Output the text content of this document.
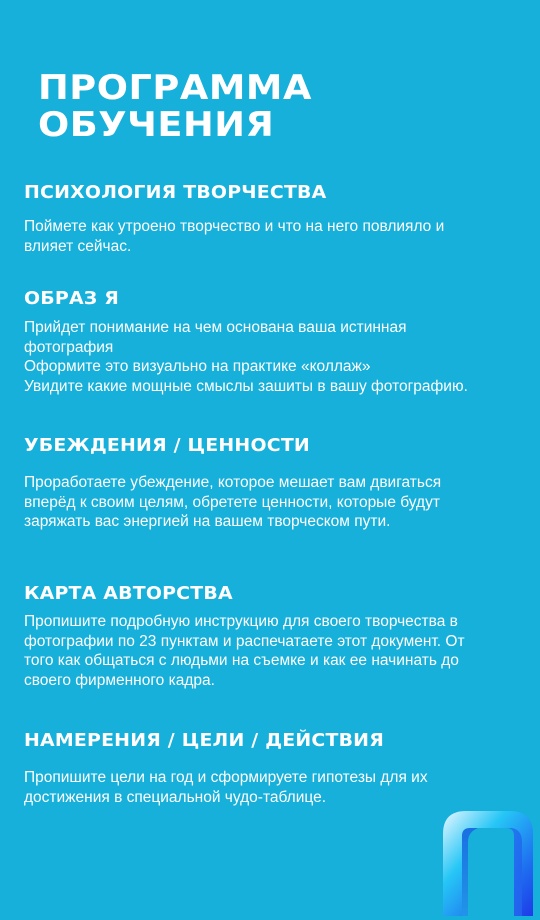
ПРОГРАММА
ОБУЧЕНИЯ
ПСИХОЛОГИЯ ТВОРЧЕСТВА

Поймете как утроено творчество и что на него повлияло и
влияет сейчас.

ОБРАЗ Я

Прийдет понимание на чем основана ваша истинная
фотография
Оформите это визуально на практике «коллаж»
Увидите какие мощные смыслы зашиты в вашу фотографию.

УБЕЖДЕНИЯ / ЦЕННОСТИ

Проработаете убеждение, которое мешает вам двигаться
вперёд к своим целям, обретете ценности, которые будут
заряжать вас энергией на вашем творческом пути.

КАРТА АВТОРСТВА

Пропишите подробную инструкцию для своего творчества в
фотографии по 23 пунктам и распечатаете этот документ. От
того как общаться с людьми на съемке и как ее начинать до
своего фирменного кадра.

НАМЕРЕНИЯ / ЦЕЛИ / ДЕЙСТВИЯ

Пропишите цели на год и сформируете гипотезы для их
достижения в специальной чудо-таблице.
